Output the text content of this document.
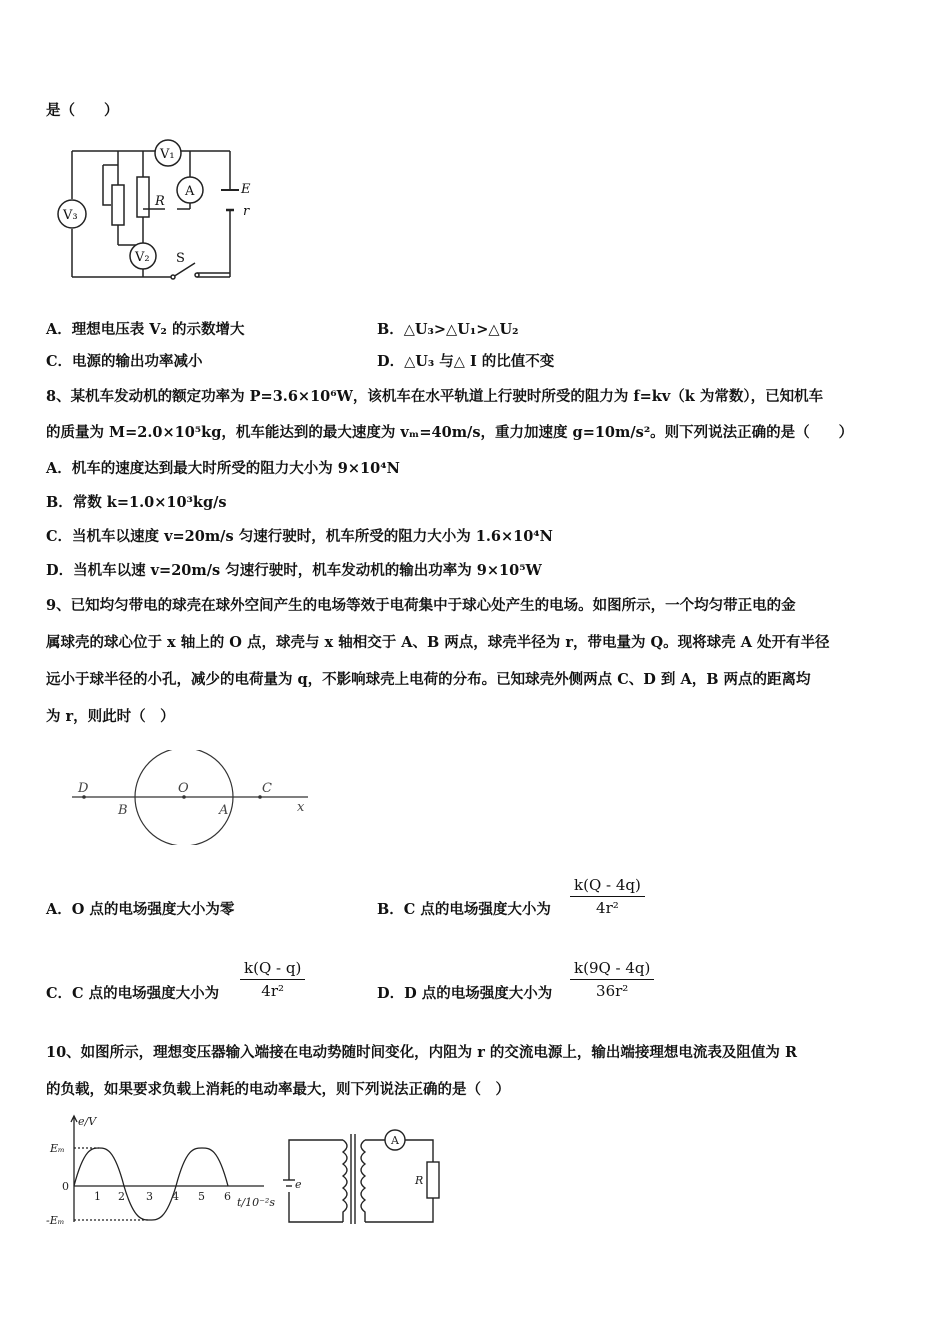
是（　　）
V₃
V₁
A
V₂
R
E
r
S
A．理想电压表 V₂ 的示数增大	B．△U₃>△U₁>△U₂
C．电源的输出功率减小	D．△U₃ 与△ I 的比值不变
8、某机车发动机的额定功率为 P=3.6×10⁶W，该机车在水平轨道上行驶时所受的阻力为 f=kv（k 为常数），已知机车
的质量为 M=2.0×10⁵kg，机车能达到的最大速度为 vₘ=40m/s，重力加速度 g=10m/s²。则下列说法正确的是（　　）
A．机车的速度达到最大时所受的阻力大小为 9×10⁴N
B．常数 k=1.0×10³kg/s
C．当机车以速度 v=20m/s 匀速行驶时，机车所受的阻力大小为 1.6×10⁴N
D．当机车以速 v=20m/s 匀速行驶时，机车发动机的输出功率为 9×10⁵W
9、已知均匀带电的球壳在球外空间产生的电场等效于电荷集中于球心处产生的电场。如图所示，一个均匀带正电的金
属球壳的球心位于 x 轴上的 O 点，球壳与 x 轴相交于 A、B 两点，球壳半径为 r，带电量为 Q。现将球壳 A 处开有半径
远小于球半径的小孔，减少的电荷量为 q，不影响球壳上电荷的分布。已知球壳外侧两点 C、D 到 A，B 两点的距离均
为 r，则此时（　）
D
B
O
A
C
x
A．O 点的电场强度大小为零	B．C 点的电场强度大小为
k(Q - 4q)
4r²
C．C 点的电场强度大小为
k(Q - q)
4r²	D．D 点的电场强度大小为
k(9Q - 4q)
36r²
10、如图所示，理想变压器输入端接在电动势随时间变化，内阻为 r 的交流电源上，输出端接理想电流表及阻值为 R
的负载，如果要求负载上消耗的电动率最大，则下列说法正确的是（　）
e/V
Eₘ
0
-Eₘ
1 2 3 4 5 6 t/10⁻²s
A
e	R
